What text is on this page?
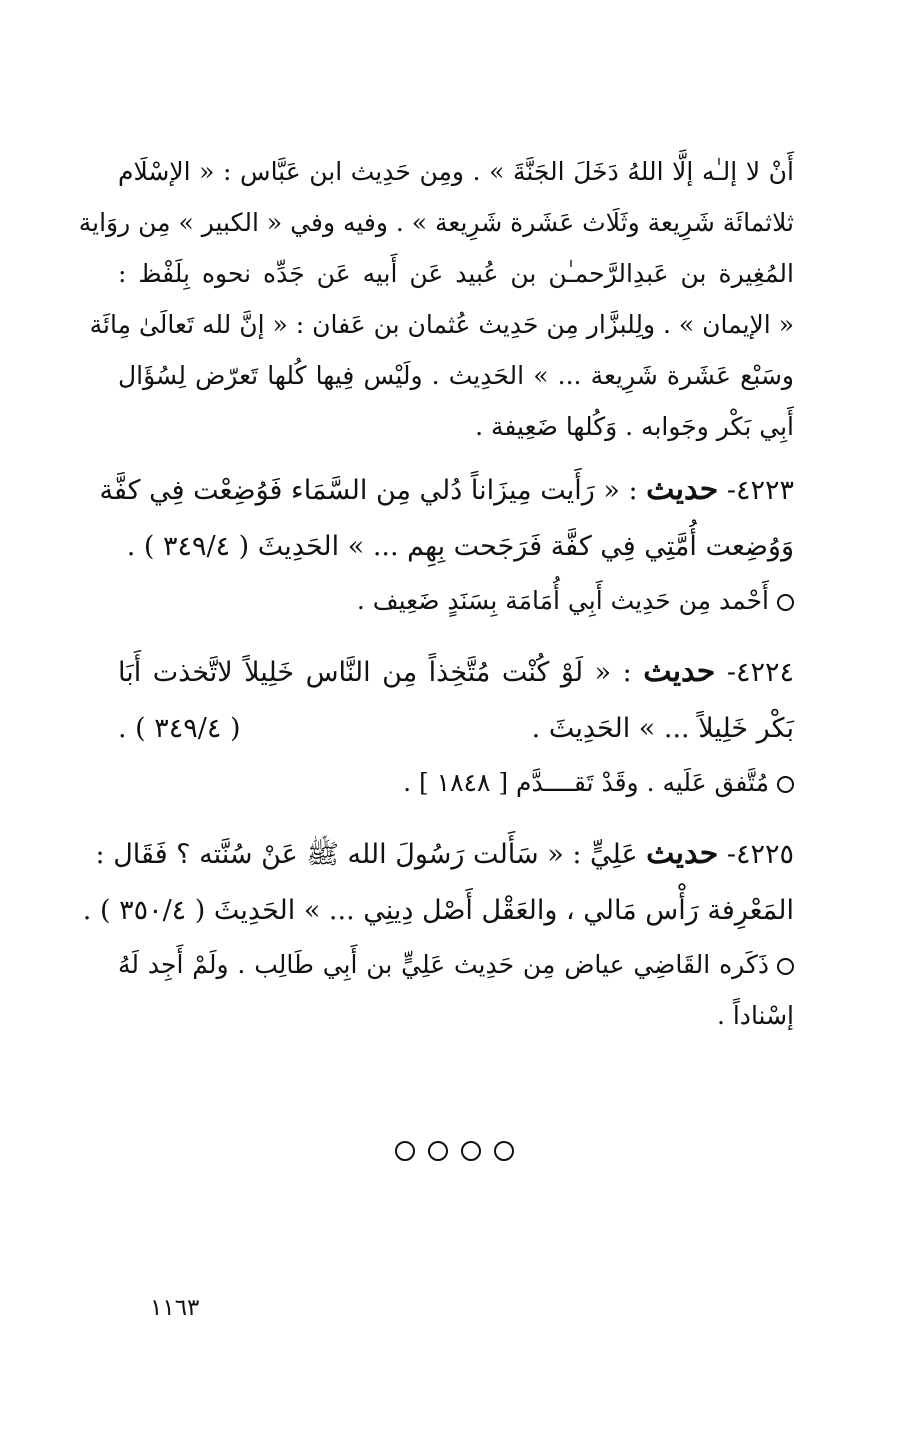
أَنْ لا إلـٰه إلَّا اللهُ دَخَلَ الجَنَّةَ » . ومِن حَدِيث ابن عَبَّاس : « الإسْلَام
ثلاثمائَة شَرِيعة وثَلَاث عَشَرة شَرِيعة » . وفيه وفي « الكبير » مِن روَاية
المُغِيرة بن عَبدِالرَّحمـٰن بن عُبيد عَن أَبيه عَن جَدِّه نحوه بِلَفْظ :
« الإيمان » . ولِلبزَّار مِن حَدِيث عُثمان بن عَفان : « إنَّ لله تَعالَىٰ مِائَة
وسَبْع عَشَرة شَرِيعة ... » الحَدِيث . ولَيْس فِيها كُلها تَعرّض لِسُؤَال
أَبِي بَكْر وجَوابه . وَكُلها ضَعِيفة .
٤٢٢٣- حديث : « رَأَيت مِيزَاناً دُلي مِن السَّمَاء فَوُضِعْت فِي كفَّة
وَوُضِعت أُمَّتِي فِي كفَّة فَرَجَحت بِهِم ... » الحَدِيثَ ( ٣٤٩/٤ ) .
أَحْمد مِن حَدِيث أَبِي أُمَامَة بِسَنَدٍ ضَعِيف .
٤٢٢٤- حديث : « لَوْ كُنْت مُتَّخِذاً مِن النَّاس خَلِيلاً لاتَّخذت أَبَا
بَكْر خَلِيلاً ... » الحَدِيثَ .
( ٣٤٩/٤ ) .
مُتَّفق عَلَيه . وقَدْ تَقــــدَّم [ ١٨٤٨ ] .
٤٢٢٥- حديث عَلِيٍّ : « سَأَلت رَسُولَ الله ﷺ عَنْ سُنَّته ؟ فَقَال :
المَعْرِفة رَأْس مَالي ، والعَقْل أَصْل دِينِي ... » الحَدِيثَ ( ٣٥٠/٤ ) .
ذَكَره القَاضِي عياض مِن حَدِيث عَلِيٍّ بن أَبِي طَالِب . ولَمْ أَجِد لَهُ
إسْناداً .
١١٦٣
